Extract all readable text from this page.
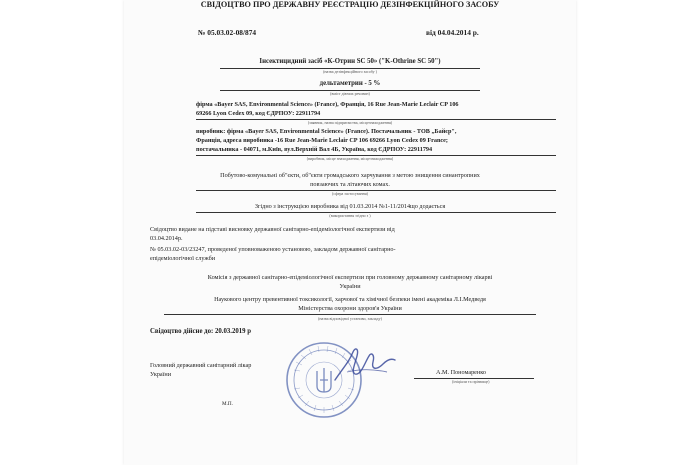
СВІДОЦТВО ПРО ДЕРЖАВНУ РЕЄСТРАЦІЮ ДЕЗІНФЕКЦІЙНОГО ЗАСОБУ
№ 05.03.02-08/874	від 04.04.2014 р.
Інсектицидний засіб «К-Отрин SC 50» ("K-Othrine SC 50")
(назва дезінфекційного засобу )
дельтаметрин - 5 %
(вміст діючих речовин)
фірма «Bayer SAS, Environmental Science» (France), Франція, 16 Rue Jean-Marie Leclair CP 106
69266 Lyon Cedex 09, код ЄДРПОУ: 22911794
(заявник, назва підприємства, місцезнаходження)
виробник: фірма «Bayer SAS, Environmental Science» (France). Постачальник - ТОВ „Байєр",
Франція, адреса виробника -16 Rue Jean-Marie Leclair CP 106 69266 Lyon Cedex 09 France;
постачальника - 04071, м.Київ, вул.Верхній Вал 4Б, Україна, код ЄДРПОУ: 22911794
(виробник, місце знаходження, місцезнаходження)
Побутово-комунальні об"єкти, об"єкти громадського харчування з метою знищення синантропних
повзаючих та літаючих комах.
(сфера застосування)
Згідно з інструкцією виробника від 01.03.2014 №1-11/2014що додається
(використання згідно з )
Свідоцтво видане на підставі висновку державної санітарно-епідеміологічної експертизи від
03.04.2014р.
№ 05.03.02-03/23247, проведеної уповноваженою установою, закладом державної санітарно-
епідеміологічної служби
Комісія з державної санітарно-епідеміологічної експертизи при головному державному санітарному лікарві
України
Наукового центру превентивної токсикології, харчової та хімічної безпеки імені академіка Л.І.Медведя
Міністерства охорони здоров'я України
(назва відповідної установи, закладу)
Свідоцтво дійсне до: 20.03.2019 р
Головний державний санітарний лікар
України	А.М. Пономаренко
(ініціали та прізвище)
М.П.
